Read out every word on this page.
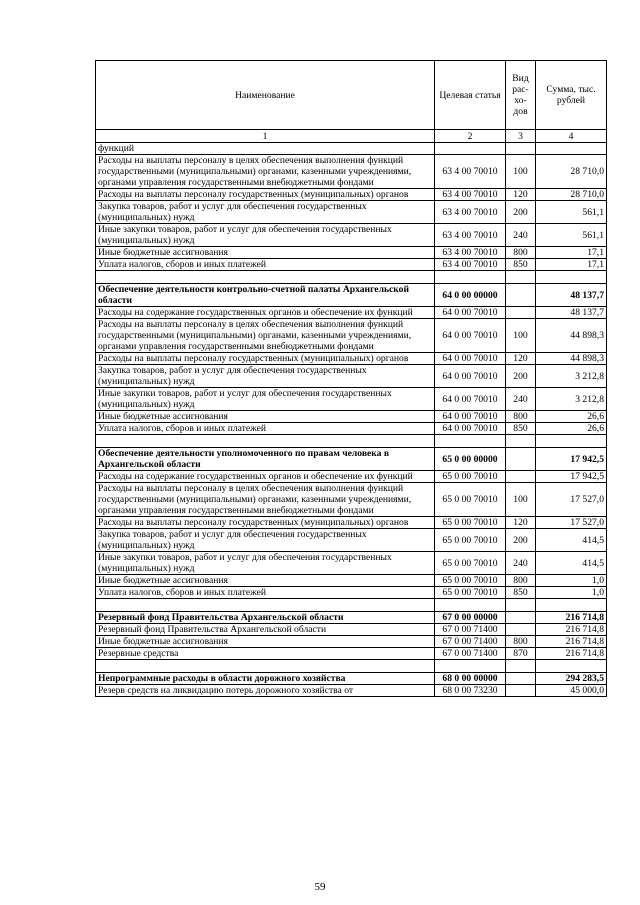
Наименование	Целевая статья	Вид рас-хо-дов	Сумма, тыс. рублей
1	2	3	4
функций			
Расходы на выплаты персоналу в целях обеспечения выполнения функций государственными (муниципальными) органами, казенными учреждениями, органами управления государственными внебюджетными фондами	63 4 00 70010	100	28 710,0
Расходы на выплаты персоналу государственных (муниципальных) органов	63 4 00 70010	120	28 710,0
Закупка товаров, работ и услуг для обеспечения государственных (муниципальных) нужд	63 4 00 70010	200	561,1
Иные закупки товаров, работ и услуг для обеспечения государственных (муниципальных) нужд	63 4 00 70010	240	561,1
Иные бюджетные ассигнования	63 4 00 70010	800	17,1
Уплата налогов, сборов и иных платежей	63 4 00 70010	850	17,1

Обеспечение деятельности контрольно-счетной палаты Архангельской области	64 0 00 00000		48 137,7
Расходы на содержание государственных органов и обеспечение их функций	64 0 00 70010		48 137,7
Расходы на выплаты персоналу в целях обеспечения выполнения функций государственными (муниципальными) органами, казенными учреждениями, органами управления государственными внебюджетными фондами	64 0 00 70010	100	44 898,3
Расходы на выплаты персоналу государственных (муниципальных) органов	64 0 00 70010	120	44 898,3
Закупка товаров, работ и услуг для обеспечения государственных (муниципальных) нужд	64 0 00 70010	200	3 212,8
Иные закупки товаров, работ и услуг для обеспечения государственных (муниципальных) нужд	64 0 00 70010	240	3 212,8
Иные бюджетные ассигнования	64 0 00 70010	800	26,6
Уплата налогов, сборов и иных платежей	64 0 00 70010	850	26,6

Обеспечение деятельности уполномоченного по правам человека в Архангельской области	65 0 00 00000		17 942,5
Расходы на содержание государственных органов и обеспечение их функций	65 0 00 70010		17 942,5
Расходы на выплаты персоналу в целях обеспечения выполнения функций государственными (муниципальными) органами, казенными учреждениями, органами управления государственными внебюджетными фондами	65 0 00 70010	100	17 527,0
Расходы на выплаты персоналу государственных (муниципальных) органов	65 0 00 70010	120	17 527,0
Закупка товаров, работ и услуг для обеспечения государственных (муниципальных) нужд	65 0 00 70010	200	414,5
Иные закупки товаров, работ и услуг для обеспечения государственных (муниципальных) нужд	65 0 00 70010	240	414,5
Иные бюджетные ассигнования	65 0 00 70010	800	1,0
Уплата налогов, сборов и иных платежей	65 0 00 70010	850	1,0

Резервный фонд Правительства Архангельской области	67 0 00 00000		216 714,8
Резервный фонд Правительства Архангельской области	67 0 00 71400		216 714,8
Иные бюджетные ассигнования	67 0 00 71400	800	216 714,8
Резервные средства	67 0 00 71400	870	216 714,8

Непрограммные расходы в области дорожного хозяйства	68 0 00 00000		294 283,5
Резерв средств на ликвидацию потерь дорожного хозяйства от	68 0 00 73230		45 000,0
59
